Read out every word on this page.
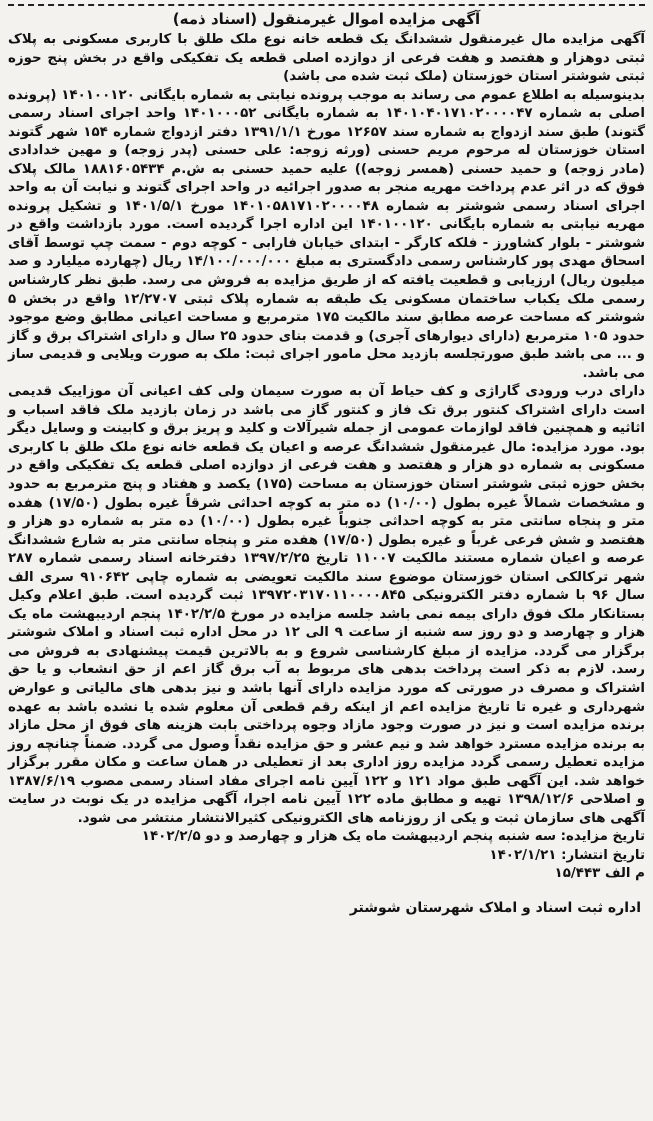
آگهی مزایده اموال غیرمنقول (اسناد ذمه)

آگهی مزایده مال غیرمنقول ششدانگ یک قطعه خانه نوع ملک طلق با کاربری مسکونی به پلاک ثبتی دوهزار و هفتصد و هفت فرعی از دوازده اصلی قطعه یک تفکیکی واقع در بخش پنج حوزه ثبتی شوشتر استان خوزستان (ملک ثبت شده می باشد)

بدینوسیله به اطلاع عموم می رساند به موجب پرونده نیابتی به شماره بایگانی ۱۴۰۱۰۰۱۲۰ (پرونده اصلی به شماره ۱۴۰۱۰۴۰۱۷۱۰۲۰۰۰۰۴۷ به شماره بایگانی ۱۴۰۱۰۰۰۵۲ واحد اجرای اسناد رسمی گتوند) طبق سند ازدواج به شماره سند ۱۲۶۵۷ مورخ ۱۳۹۱/۱/۱ دفتر ازدواج شماره ۱۵۴ شهر گتوند استان خوزستان له مرحوم مریم حسنی (ورثه زوجه: علی حسنی (پدر زوجه) و مهین خدادادی (مادر زوجه) و حمید حسنی (همسر زوجه)) علیه حمید حسنی به ش.م ۱۸۸۱۶۰۵۴۳۴ مالک پلاک فوق که در اثر عدم پرداخت مهریه منجر به صدور اجرائیه در واحد اجرای گتوند و نیابت آن به واحد اجرای اسناد رسمی شوشتر به شماره ۱۴۰۱۰۵۸۱۷۱۰۲۰۰۰۰۴۸ مورخ ۱۴۰۱/۵/۱ و تشکیل پرونده مهریه نیابتی به شماره بایگانی ۱۴۰۱۰۰۱۲۰ این اداره اجرا گردیده است. مورد بازداشت واقع در شوشتر - بلوار کشاورز - فلکه کارگر - ابتدای خیابان فارابی - کوچه دوم - سمت چپ توسط آقای اسحاق مهدی پور کارشناس رسمی دادگستری به مبلغ ۱۴/۱۰۰/۰۰۰/۰۰۰ ریال (چهارده میلیارد و صد میلیون ریال) ارزیابی و قطعیت یافته که از طریق مزایده به فروش می رسد. طبق نظر کارشناس رسمی ملک یکباب ساختمان مسکونی یک طبقه به شماره پلاک ثبتی ۱۲/۲۷۰۷ واقع در بخش ۵ شوشتر که مساحت عرصه مطابق سند مالکیت ۱۷۵ مترمربع و مساحت اعیانی مطابق وضع موجود حدود ۱۰۵ مترمربع (دارای دیوارهای آجری) و قدمت بنای حدود ۲۵ سال و دارای اشتراک برق و گاز و ... می باشد طبق صورتجلسه بازدید محل مامور اجرای ثبت: ملک به صورت ویلایی و قدیمی ساز می باشد.

دارای درب ورودی گاراژی و کف حیاط آن به صورت سیمان ولی کف اعیانی آن موزاییک قدیمی است دارای اشتراک کنتور برق تک فاز و کنتور گاز می باشد در زمان بازدید ملک فاقد اسباب و اثاثیه و همچنین فاقد لوازمات عمومی از جمله شیرآلات و کلید و پریز برق و کابینت و وسایل دیگر بود. مورد مزایده: مال غیرمنقول ششدانگ عرصه و اعیان یک قطعه خانه نوع ملک طلق با کاربری مسکونی به شماره دو هزار و هفتصد و هفت فرعی از دوازده اصلی قطعه یک تفکیکی واقع در بخش حوزه ثبتی شوشتر استان خوزستان به مساحت (۱۷۵) یکصد و هفتاد و پنج مترمربع به حدود و مشخصات شمالاً غیره بطول (۱۰/۰۰) ده متر به کوچه احداثی شرقاً غیره بطول (۱۷/۵۰) هفده متر و پنجاه سانتی متر به کوچه احداثی جنوباً غیره بطول (۱۰/۰۰) ده متر به شماره دو هزار و هفتصد و شش فرعی غرباً و غیره بطول (۱۷/۵۰) هفده متر و پنجاه سانتی متر به شارع ششدانگ عرصه و اعیان شماره مستند مالکیت ۱۱۰۰۷ تاریخ ۱۳۹۷/۲/۲۵ دفترخانه اسناد رسمی شماره ۲۸۷ شهر ترکالکی استان خوزستان موضوع سند مالکیت تعویضی به شماره چاپی ۹۱۰۶۴۲ سری الف سال ۹۶ با شماره دفتر الکترونیکی ۱۳۹۷۲۰۳۱۷۰۱۱۰۰۰۰۸۴۵ ثبت گردیده است. طبق اعلام وکیل بستانکار ملک فوق دارای بیمه نمی باشد جلسه مزایده در مورخ ۱۴۰۲/۲/۵ پنجم اردیبهشت ماه یک هزار و چهارصد و دو روز سه شنبه از ساعت ۹ الی ۱۲ در محل اداره ثبت اسناد و املاک شوشتر برگزار می گردد. مزایده از مبلغ کارشناسی شروع و به بالاترین قیمت پیشنهادی به فروش می رسد. لازم به ذکر است پرداخت بدهی های مربوط به آب برق گاز اعم از حق انشعاب و یا حق اشتراک و مصرف در صورتی که مورد مزایده دارای آنها باشد و نیز بدهی های مالیاتی و عوارض شهرداری و غیره تا تاریخ مزایده اعم از اینکه رقم قطعی آن معلوم شده یا نشده باشد به عهده برنده مزایده است و نیز در صورت وجود مازاد وجوه پرداختی بابت هزینه های فوق از محل مازاد به برنده مزایده مسترد خواهد شد و نیم عشر و حق مزایده نقداً وصول می گردد. ضمناً چنانچه روز مزایده تعطیل رسمی گردد مزایده روز اداری بعد از تعطیلی در همان ساعت و مکان مقرر برگزار خواهد شد. این آگهی طبق مواد ۱۲۱ و ۱۲۲ آیین نامه اجرای مفاد اسناد رسمی مصوب ۱۳۸۷/۶/۱۹ و اصلاحی ۱۳۹۸/۱۲/۶ تهیه و مطابق ماده ۱۲۲ آیین نامه اجرا، آگهی مزایده در یک نوبت در سایت آگهی های سازمان ثبت و یکی از روزنامه های الکترونیکی کثیرالانتشار منتشر می شود.

تاریخ مزایده: سه شنبه پنجم اردیبهشت ماه یک هزار و چهارصد و دو ۱۴۰۲/۲/۵

تاریخ انتشار: ۱۴۰۲/۱/۲۱

م الف ۱۵/۴۴۳

اداره ثبت اسناد و املاک شهرستان شوشتر
